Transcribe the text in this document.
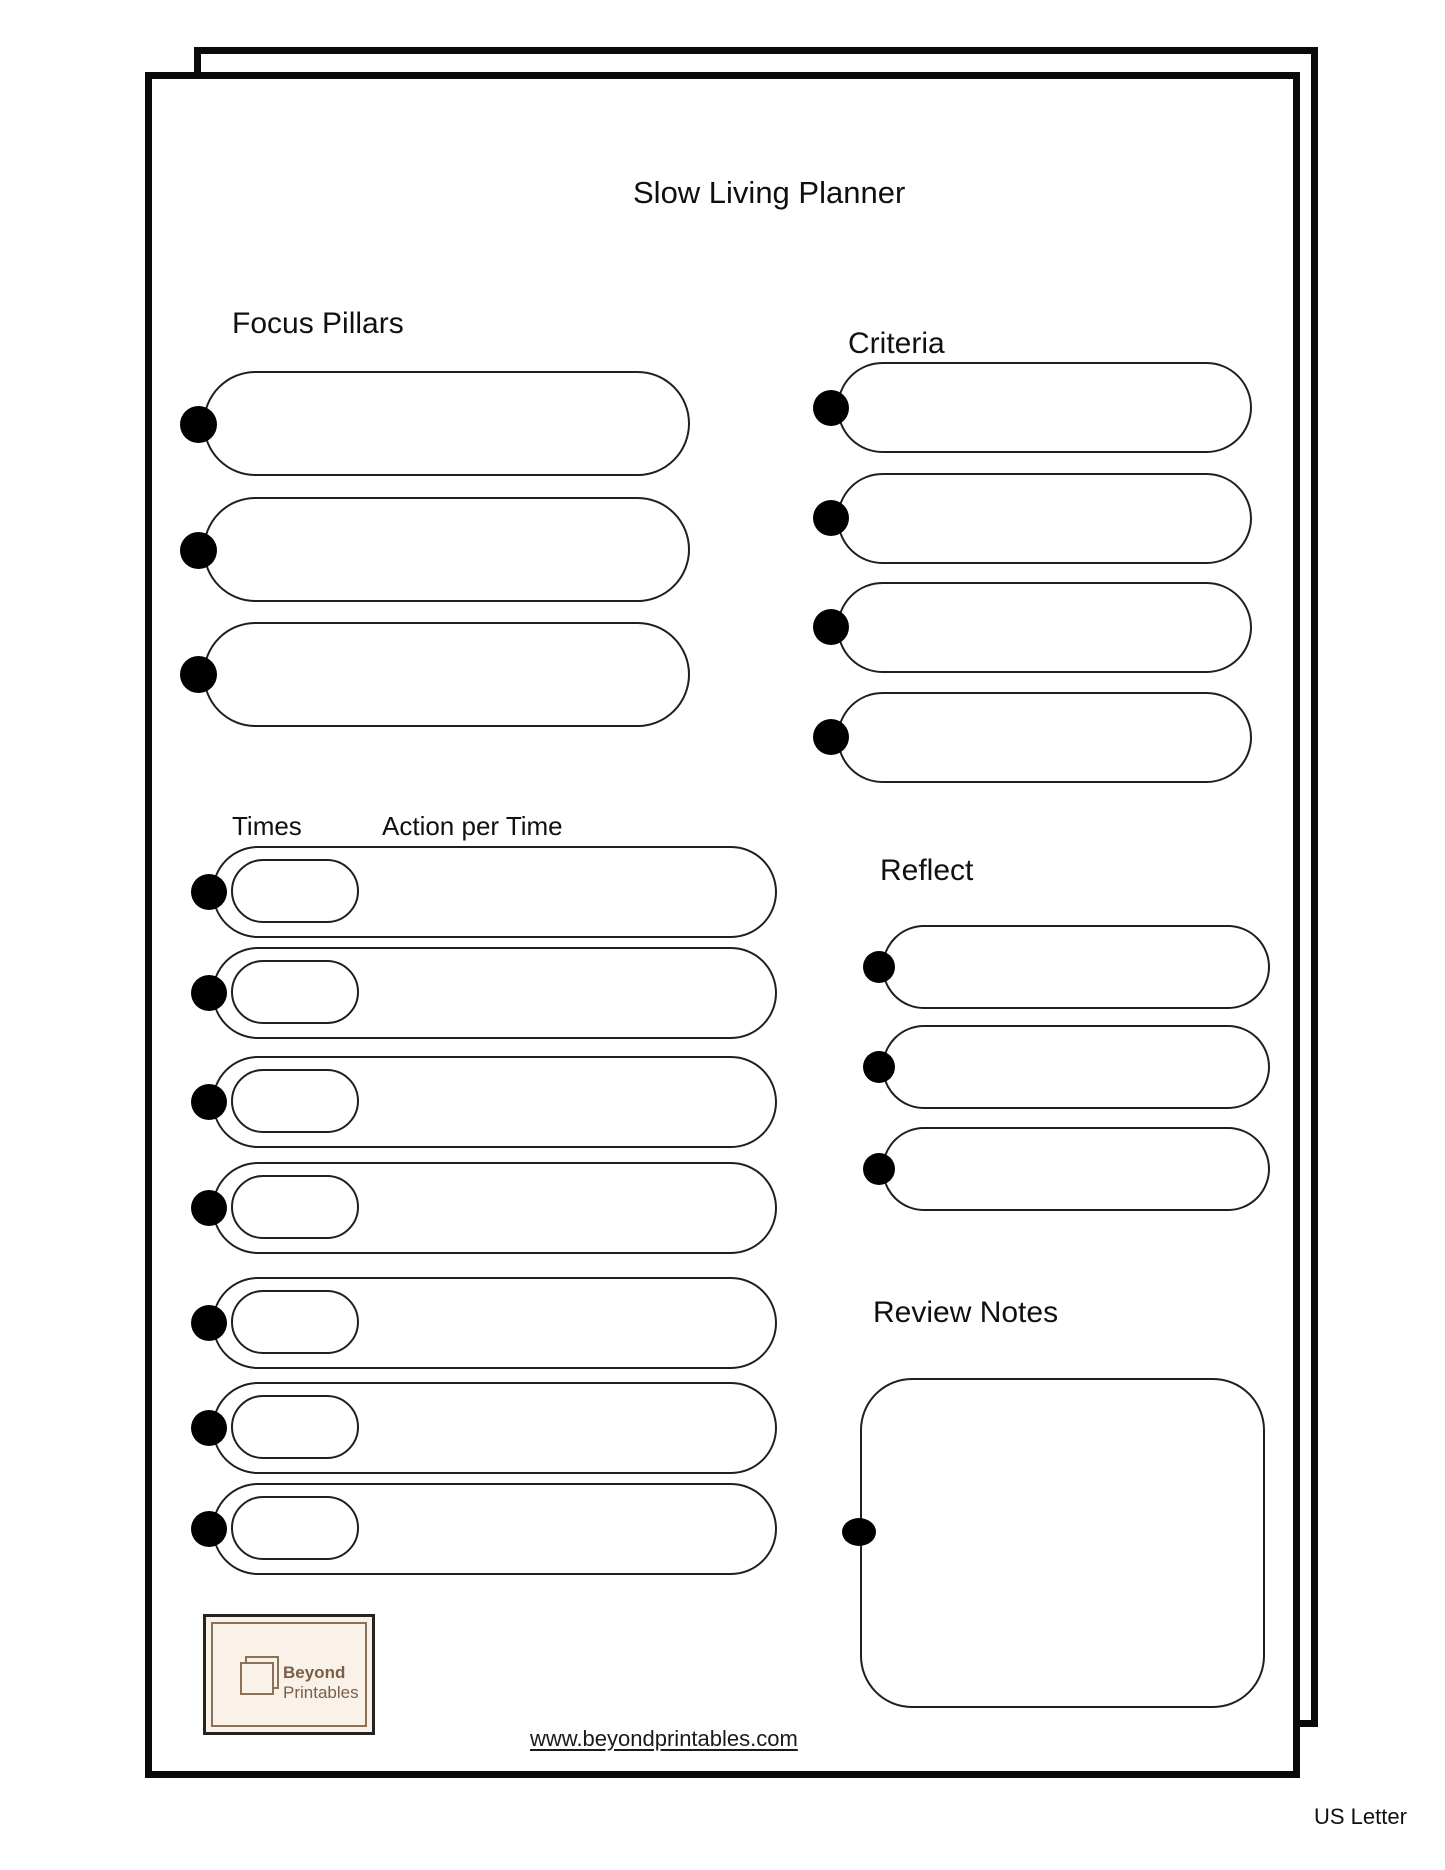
Slow Living Planner
Focus Pillars
Criteria
Times	Action per Time
Reflect
Review Notes
Beyond
Printables
www.beyondprintables.com
US Letter
